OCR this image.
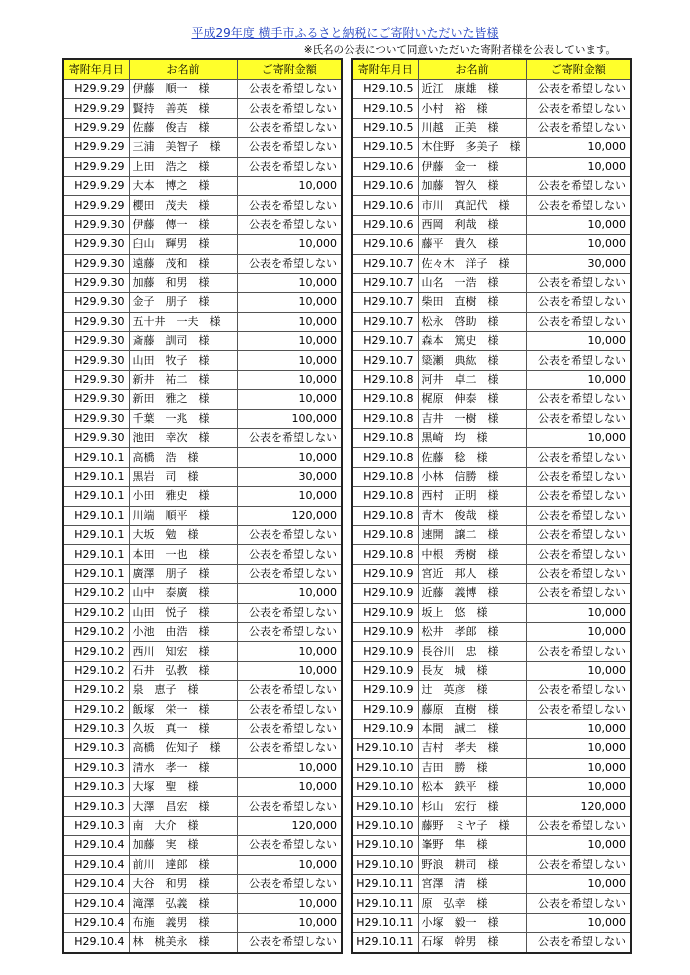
平成29年度 横手市ふるさと納税にご寄附いただいた皆様
※氏名の公表について同意いただいた寄附者様を公表しています。
寄附年月日	お名前	ご寄附金額
H29.9.29	伊藤　順一　様	公表を希望しない
H29.9.29	賢持　善英　様	公表を希望しない
H29.9.29	佐藤　俊吉　様	公表を希望しない
H29.9.29	三浦　美智子　様	公表を希望しない
H29.9.29	上田　浩之　様	公表を希望しない
H29.9.29	大本　博之　様	10,000
H29.9.29	櫻田　茂夫　様	公表を希望しない
H29.9.30	伊藤　傳一　様	公表を希望しない
H29.9.30	臼山　輝男　様	10,000
H29.9.30	遠藤　茂和　様	公表を希望しない
H29.9.30	加藤　和男　様	10,000
H29.9.30	金子　朋子　様	10,000
H29.9.30	五十井　一夫　様	10,000
H29.9.30	斎藤　訓司　様	10,000
H29.9.30	山田　牧子　様	10,000
H29.9.30	新井　祐二　様	10,000
H29.9.30	新田　雅之　様	10,000
H29.9.30	千葉　一兆　様	100,000
H29.9.30	池田　幸次　様	公表を希望しない
H29.10.1	高橋　浩　様	10,000
H29.10.1	黒岩　司　様	30,000
H29.10.1	小田　雅史　様	10,000
H29.10.1	川端　順平　様	120,000
H29.10.1	大坂　勉　様	公表を希望しない
H29.10.1	本田　一也　様	公表を希望しない
H29.10.1	廣澤　朋子　様	公表を希望しない
H29.10.2	山中　泰廣　様	10,000
H29.10.2	山田　悦子　様	公表を希望しない
H29.10.2	小池　由浩　様	公表を希望しない
H29.10.2	西川　知宏　様	10,000
H29.10.2	石井　弘教　様	10,000
H29.10.2	泉　恵子　様	公表を希望しない
H29.10.2	飯塚　栄一　様	公表を希望しない
H29.10.3	久坂　真一　様	公表を希望しない
H29.10.3	高橋　佐知子　様	公表を希望しない
H29.10.3	清水　孝一　様	10,000
H29.10.3	大塚　聖　様	10,000
H29.10.3	大澤　昌宏　様	公表を希望しない
H29.10.3	南　大介　様	120,000
H29.10.4	加藤　実　様	公表を希望しない
H29.10.4	前川　達郎　様	10,000
H29.10.4	大谷　和男　様	公表を希望しない
H29.10.4	滝澤　弘義　様	10,000
H29.10.4	布施　義男　様	10,000
H29.10.4	林　桃美永　様	公表を希望しない
寄附年月日	お名前	ご寄附金額
H29.10.5	近江　康雄　様	公表を希望しない
H29.10.5	小村　裕　様	公表を希望しない
H29.10.5	川越　正美　様	公表を希望しない
H29.10.5	木住野　多美子　様	10,000
H29.10.6	伊藤　金一　様	10,000
H29.10.6	加藤　智久　様	公表を希望しない
H29.10.6	市川　真記代　様	公表を希望しない
H29.10.6	西岡　利哉　様	10,000
H29.10.6	藤平　貴久　様	10,000
H29.10.7	佐々木　洋子　様	30,000
H29.10.7	山名　一浩　様	公表を希望しない
H29.10.7	柴田　直樹　様	公表を希望しない
H29.10.7	松永　啓助　様	公表を希望しない
H29.10.7	森本　篤史　様	10,000
H29.10.7	簗瀬　典紘　様	公表を希望しない
H29.10.8	河井　卓二　様	10,000
H29.10.8	梶原　伸泰　様	公表を希望しない
H29.10.8	吉井　一樹　様	公表を希望しない
H29.10.8	黒崎　均　様	10,000
H29.10.8	佐藤　稔　様	公表を希望しない
H29.10.8	小林　信勝　様	公表を希望しない
H29.10.8	西村　正明　様	公表を希望しない
H29.10.8	青木　俊哉　様	公表を希望しない
H29.10.8	速開　譲二　様	公表を希望しない
H29.10.8	中根　秀樹　様	公表を希望しない
H29.10.9	宮近　邦人　様	公表を希望しない
H29.10.9	近藤　義博　様	公表を希望しない
H29.10.9	坂上　悠　様	10,000
H29.10.9	松井　孝郎　様	10,000
H29.10.9	長谷川　忠　様	公表を希望しない
H29.10.9	長友　城　様	10,000
H29.10.9	辻　英彦　様	公表を希望しない
H29.10.9	藤原　直樹　様	公表を希望しない
H29.10.9	本間　誠二　様	10,000
H29.10.10	吉村　孝夫　様	10,000
H29.10.10	吉田　勝　様	10,000
H29.10.10	松本　鉄平　様	10,000
H29.10.10	杉山　宏行　様	120,000
H29.10.10	藤野　ミヤ子　様	公表を希望しない
H29.10.10	峯野　隼　様	10,000
H29.10.10	野浪　耕司　様	公表を希望しない
H29.10.11	宮澤　清　様	10,000
H29.10.11	原　弘幸　様	公表を希望しない
H29.10.11	小塚　毅一　様	10,000
H29.10.11	石塚　幹男　様	公表を希望しない
